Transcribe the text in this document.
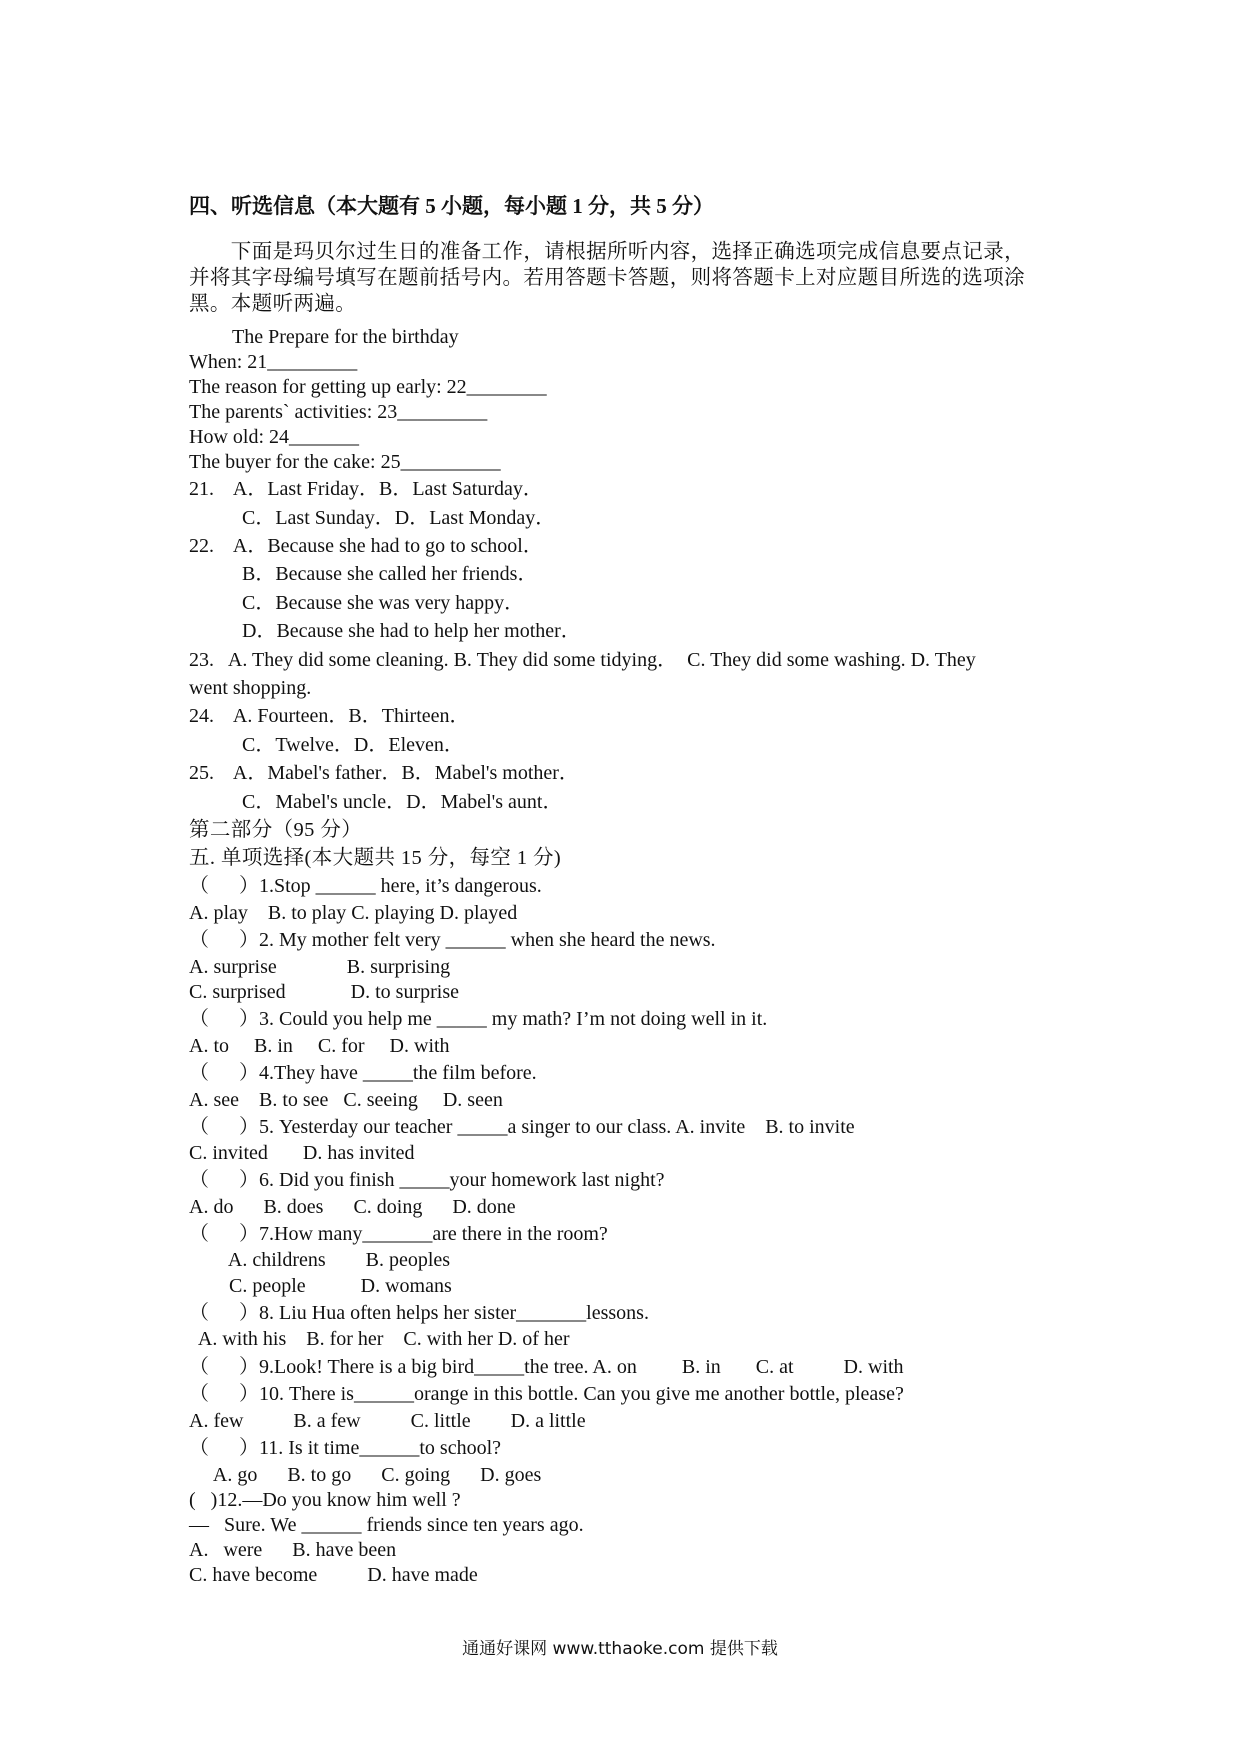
四、听选信息（本大题有 5 小题，每小题 1 分，共 5 分）
　　下面是玛贝尔过生日的准备工作，请根据所听内容，选择正确选项完成信息要点记录，
并将其字母编号填写在题前括号内。若用答题卡答题，则将答题卡上对应题目所选的选项涂
黑。本题听两遍。
The Prepare for the birthday
When: 21_________
The reason for getting up early: 22________
The parents` activities: 23_________
How old: 24_______
The buyer for the cake: 25__________
21.    A．Last Friday．B．Last Saturday．
C．Last Sunday．D．Last Monday．
22.    A．Because she had to go to school．
B．Because she called her friends．
C．Because she was very happy．
D．Because she had to help her mother．
23.   A. They did some cleaning. B. They did some tidying．  C. They did some washing. D. They
went shopping.
24.    A. Fourteen．B．Thirteen．
C．Twelve．D．Eleven．
25.    A．Mabel's father．B．Mabel's mother．
C．Mabel's uncle．D．Mabel's aunt．
第二部分（95 分）
五. 单项选择(本大题共 15 分，每空 1 分)
（      ）1.Stop ______ here, it’s dangerous.
A. play    B. to play C. playing D. played
（      ）2. My mother felt very ______ when she heard the news.
A. surprise              B. surprising
C. surprised             D. to surprise
（      ）3. Could you help me _____ my math? I’m not doing well in it.
A. to     B. in     C. for     D. with
（      ）4.They have _____the film before.
A. see    B. to see   C. seeing     D. seen
（      ）5. Yesterday our teacher _____a singer to our class. A. invite    B. to invite
C. invited       D. has invited
（      ）6. Did you finish _____your homework last night?
A. do      B. does      C. doing      D. done
（      ）7.How many_______are there in the room?
A. childrens        B. peoples
C. people           D. womans
（      ）8. Liu Hua often helps her sister_______lessons.
A. with his    B. for her    C. with her D. of her
（      ）9.Look! There is a big bird_____the tree. A. on         B. in       C. at          D. with
（      ）10. There is______orange in this bottle. Can you give me another bottle, please?
A. few          B. a few          C. little        D. a little
（      ）11. Is it time______to school?
A. go      B. to go      C. going      D. goes
(   )12.—Do you know him well ?
—   Sure. We ______ friends since ten years ago.
A.   were      B. have been
C. have become          D. have made
通通好课网 www.tthaoke.com 提供下载
